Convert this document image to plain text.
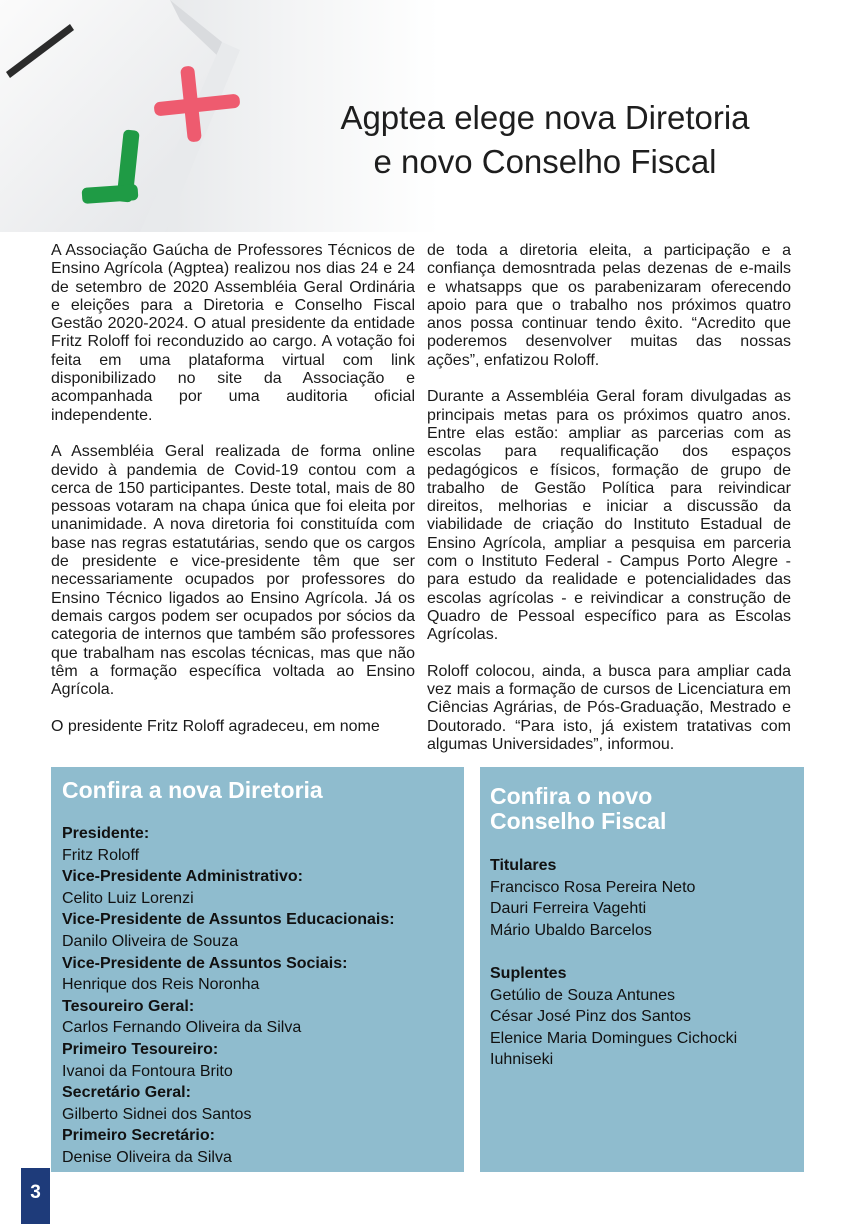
Agptea elege nova Diretoria
e novo Conselho Fiscal

A Associação Gaúcha de Professores Técnicos de Ensino Agrícola (Agptea) realizou nos dias 24 e 24 de setembro de 2020 Assembléia Geral Ordinária e eleições para a Diretoria e Conselho Fiscal Gestão 2020-2024. O atual presidente da entidade Fritz Roloff foi reconduzido ao cargo. A votação foi feita em uma plataforma virtual com link disponibilizado no site da Associação e acompanhada por uma auditoria oficial independente.

A Assembléia Geral realizada de forma online devido à pandemia de Covid-19 contou com a cerca de 150 participantes. Deste total, mais de 80 pessoas votaram na chapa única que foi eleita por unanimidade. A nova diretoria foi constituída com base nas regras estatutárias, sendo que os cargos de presidente e vice-presidente têm que ser necessariamente ocupados por professores do Ensino Técnico ligados ao Ensino Agrícola. Já os demais cargos podem ser ocupados por sócios da categoria de internos que também são professores que trabalham nas escolas técnicas, mas que não têm a formação específica voltada ao Ensino Agrícola.

O presidente Fritz Roloff agradeceu, em nome

de toda a diretoria eleita, a participação e a confiança demosntrada pelas dezenas de e-mails e whatsapps que os parabenizaram oferecendo apoio para que o trabalho nos próximos quatro anos possa continuar tendo êxito. “Acredito que poderemos desenvolver muitas das nossas ações”, enfatizou Roloff.

Durante a Assembléia Geral foram divulgadas as principais metas para os próximos quatro anos. Entre elas estão: ampliar as parcerias com as escolas para requalificação dos espaços pedagógicos e físicos, formação de grupo de trabalho de Gestão Política para reivindicar direitos, melhorias e iniciar a discussão da viabilidade de criação do Instituto Estadual de Ensino Agrícola, ampliar a pesquisa em parceria com o Instituto Federal - Campus Porto Alegre - para estudo da realidade e potencialidades das escolas agrícolas - e reivindicar a construção de Quadro de Pessoal específico para as Escolas Agrícolas.

Roloff colocou, ainda, a busca para ampliar cada vez mais a formação de cursos de Licenciatura em Ciências Agrárias, de Pós-Graduação, Mestrado e Doutorado. “Para isto, já existem tratativas com algumas Universidades”, informou.

Confira a nova Diretoria
Presidente:
Fritz Roloff
Vice-Presidente Administrativo:
Celito Luiz Lorenzi
Vice-Presidente de Assuntos Educacionais:
Danilo Oliveira de Souza
Vice-Presidente de Assuntos Sociais:
Henrique dos Reis Noronha
Tesoureiro Geral:
Carlos Fernando Oliveira da Silva
Primeiro Tesoureiro:
Ivanoi da Fontoura Brito
Secretário Geral:
Gilberto Sidnei dos Santos
Primeiro Secretário:
Denise Oliveira da Silva
Confira o novo
Conselho Fiscal
Titulares
Francisco Rosa Pereira Neto
Dauri Ferreira Vagehti
Mário Ubaldo Barcelos
Suplentes
Getúlio de Souza Antunes
César José Pinz dos Santos
Elenice Maria Domingues Cichocki
Iuhniseki
3
